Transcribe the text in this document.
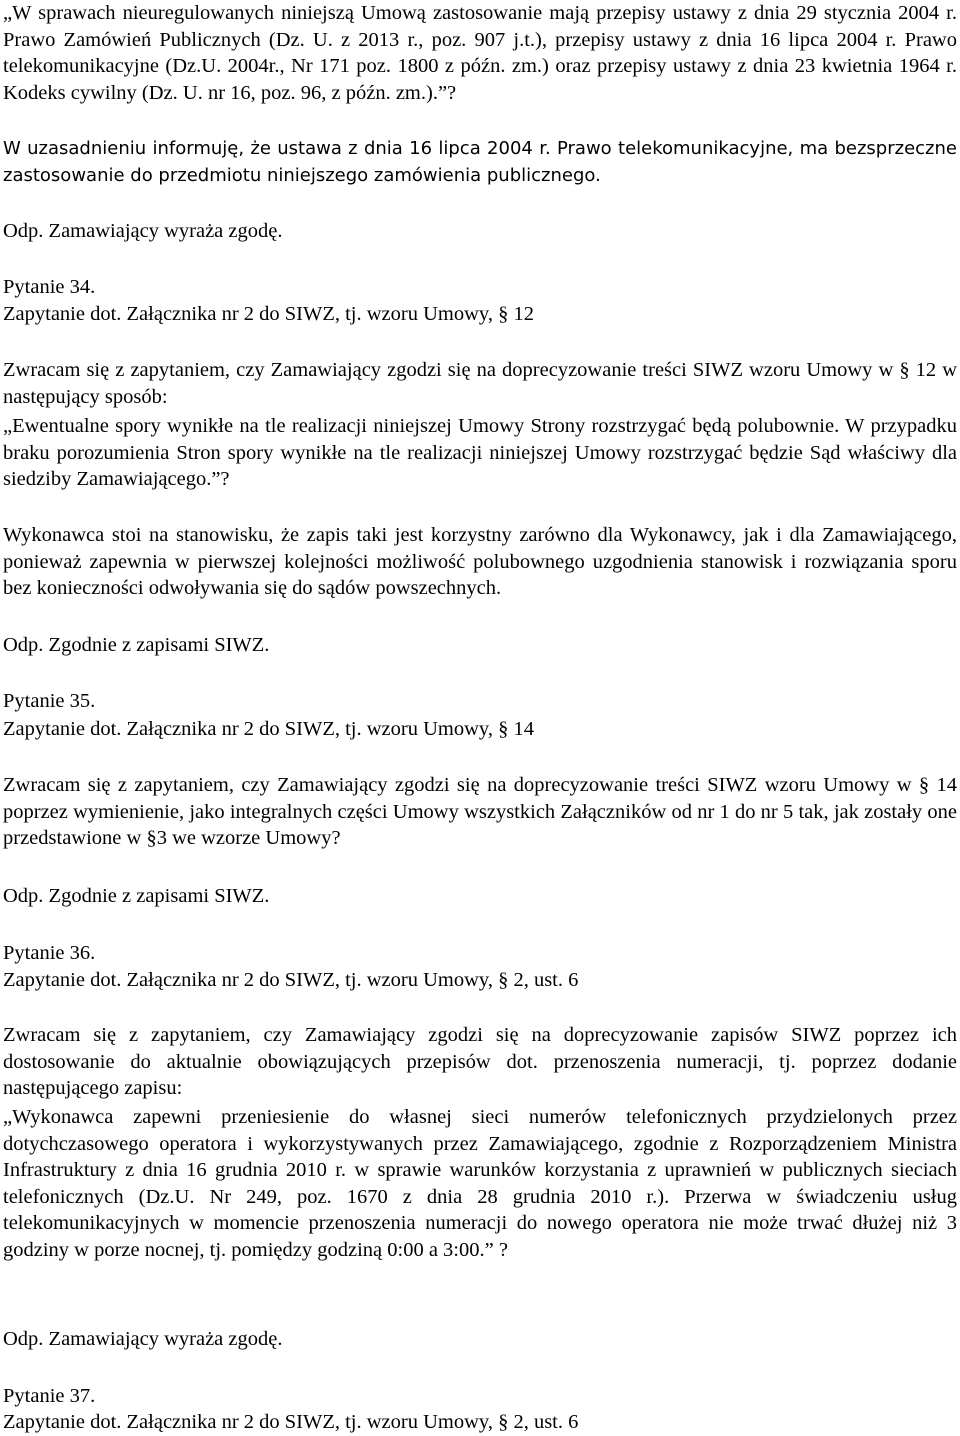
„W sprawach nieuregulowanych niniejszą Umową zastosowanie mają przepisy ustawy z dnia 29 stycznia 2004 r. Prawo Zamówień Publicznych (Dz. U. z 2013 r., poz. 907 j.t.), przepisy ustawy z dnia 16 lipca 2004 r. Prawo telekomunikacyjne (Dz.U. 2004r., Nr 171 poz. 1800 z późn. zm.) oraz przepisy ustawy z dnia 23 kwietnia 1964 r. Kodeks cywilny (Dz. U. nr 16, poz. 96, z późn. zm.).”?

W uzasadnieniu informuję, że ustawa z dnia 16 lipca 2004 r. Prawo telekomunikacyjne, ma bezsprzeczne zastosowanie do przedmiotu niniejszego zamówienia publicznego.

Odp. Zamawiający wyraża zgodę.

Pytanie 34.

Zapytanie dot. Załącznika nr 2 do SIWZ, tj. wzoru Umowy, § 12

Zwracam się z zapytaniem, czy Zamawiający zgodzi się na doprecyzowanie treści SIWZ wzoru Umowy w § 12 w następujący sposób:

„Ewentualne spory wynikłe na tle realizacji niniejszej Umowy Strony rozstrzygać będą polubownie. W przypadku braku porozumienia Stron spory wynikłe na tle realizacji niniejszej Umowy rozstrzygać będzie Sąd właściwy dla siedziby Zamawiającego.”?

Wykonawca stoi na stanowisku, że zapis taki jest korzystny zarówno dla Wykonawcy, jak i dla Zamawiającego, ponieważ zapewnia w pierwszej kolejności możliwość polubownego uzgodnienia stanowisk i rozwiązania sporu bez konieczności odwoływania się do sądów powszechnych.

Odp. Zgodnie z zapisami SIWZ.

Pytanie 35.

Zapytanie dot. Załącznika nr 2 do SIWZ, tj. wzoru Umowy, § 14

Zwracam się z zapytaniem, czy Zamawiający zgodzi się na doprecyzowanie treści SIWZ wzoru Umowy w § 14 poprzez wymienienie, jako integralnych części Umowy wszystkich Załączników od nr 1 do nr 5 tak, jak zostały one przedstawione w §3 we wzorze Umowy?

Odp. Zgodnie z zapisami SIWZ.

Pytanie 36.

Zapytanie dot. Załącznika nr 2 do SIWZ, tj. wzoru Umowy, § 2, ust. 6

Zwracam się z zapytaniem, czy Zamawiający zgodzi się na doprecyzowanie zapisów SIWZ poprzez ich dostosowanie do aktualnie obowiązujących przepisów dot. przenoszenia numeracji, tj. poprzez dodanie następującego zapisu:

„Wykonawca zapewni przeniesienie do własnej sieci numerów telefonicznych przydzielonych przez dotychczasowego operatora i wykorzystywanych przez Zamawiającego, zgodnie z Rozporządzeniem Ministra Infrastruktury z dnia 16 grudnia 2010 r. w sprawie warunków korzystania z uprawnień w publicznych sieciach telefonicznych (Dz.U. Nr 249, poz. 1670 z dnia 28 grudnia 2010 r.). Przerwa w świadczeniu usług telekomunikacyjnych w momencie przenoszenia numeracji do nowego operatora nie może trwać dłużej niż 3 godziny w porze nocnej, tj. pomiędzy godziną 0:00 a 3:00.” ?

Odp. Zamawiający wyraża zgodę.

Pytanie 37.

Zapytanie dot. Załącznika nr 2 do SIWZ, tj. wzoru Umowy, § 2, ust. 6
